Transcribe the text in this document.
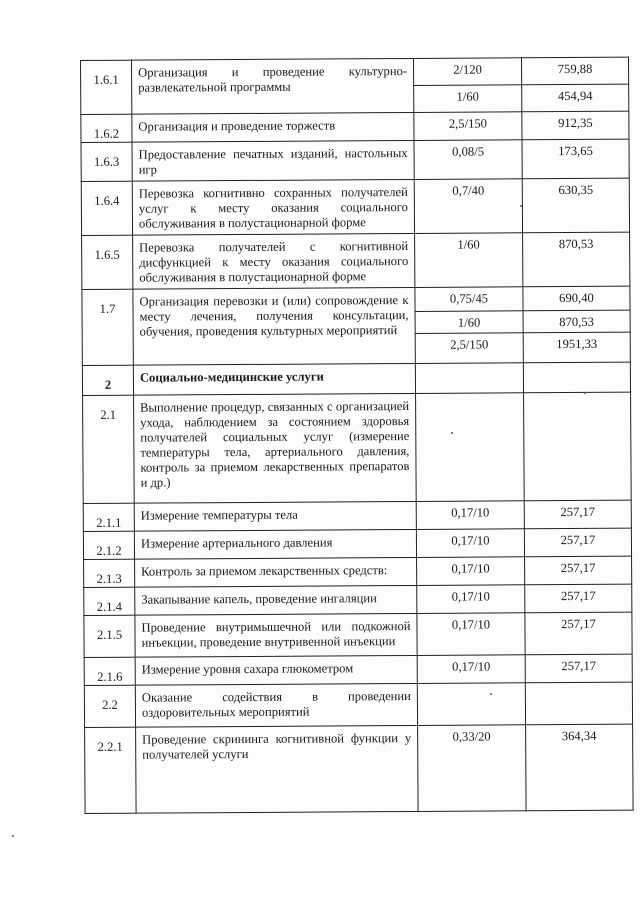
1.6.1	Организация и проведение культурно-развлекательной программы	2/120	759,88
		1/60	454,94
1.6.2	Организация и проведение торжеств	2,5/150	912,35
1.6.3	Предоставление печатных изданий, настольных игр	0,08/5	173,65
1.6.4	Перевозка когнитивно сохранных получателей услуг к месту оказания социального обслуживания в полустационарной форме	0,7/40	630,35
1.6.5	Перевозка получателей с когнитивной дисфункцией к месту оказания социального обслуживания в полустационарной форме	1/60	870,53
1.7	Организация перевозки и (или) сопровождение к месту лечения, получения консультации, обучения, проведения культурных мероприятий	0,75/45	690,40
		1/60	870,53
		2,5/150	1951,33
2	Социально-медицинские услуги		
2.1	Выполнение процедур, связанных с организацией ухода, наблюдением за состоянием здоровья получателей социальных услуг (измерение температуры тела, артериального давления, контроль за приемом лекарственных препаратов и др.)		
2.1.1	Измерение температуры тела	0,17/10	257,17
2.1.2	Измерение артериального давления	0,17/10	257,17
2.1.3	Контроль за приемом лекарственных средств:	0,17/10	257,17
2.1.4	Закапывание капель, проведение ингаляции	0,17/10	257,17
2.1.5	Проведение внутримышечной или подкожной инъекции, проведение внутривенной инъекции	0,17/10	257,17
2.1.6	Измерение уровня сахара глюкометром	0,17/10	257,17
2.2	Оказание содействия в проведении оздоровительных мероприятий		
2.2.1	Проведение скрининга когнитивной функции у получателей услуги	0,33/20	364,34
